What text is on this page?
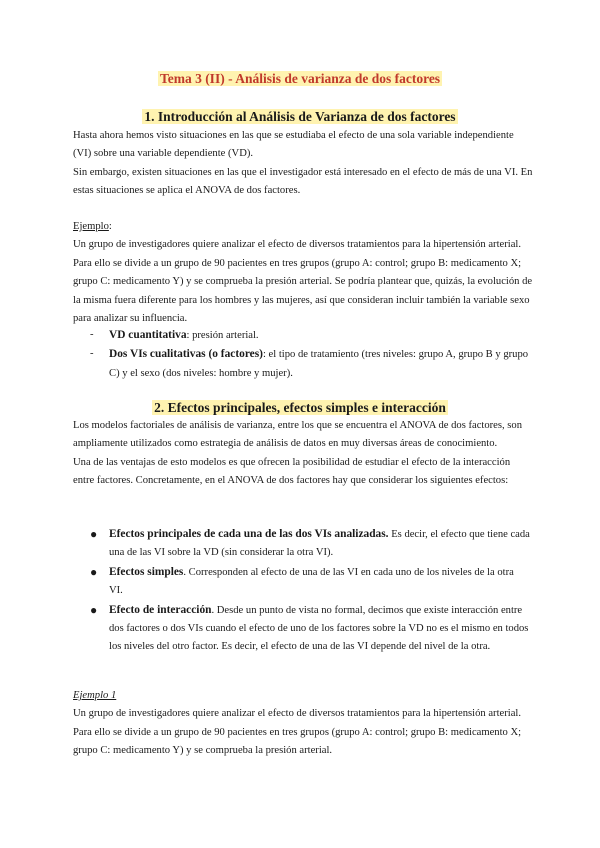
Tema 3 (II) - Análisis de varianza de dos factores
1. Introducción al Análisis de Varianza de dos factores

Hasta ahora hemos visto situaciones en las que se estudiaba el efecto de una sola variable independiente (VI) sobre una variable dependiente (VD).

Sin embargo, existen situaciones en las que el investigador está interesado en el efecto de más de una VI. En estas situaciones se aplica el ANOVA de dos factores.

Ejemplo:

Un grupo de investigadores quiere analizar el efecto de diversos tratamientos para la hipertensión arterial. Para ello se divide a un grupo de 90 pacientes en tres grupos (grupo A: control; grupo B: medicamento X; grupo C: medicamento Y) y se comprueba la presión arterial. Se podría plantear que, quizás, la evolución de la misma fuera diferente para los hombres y las mujeres, así que consideran incluir también la variable sexo para analizar su influencia.

- VD cuantitativa: presión arterial.
- Dos VIs cualitativas (o factores): el tipo de tratamiento (tres niveles: grupo A, grupo B y grupo C) y el sexo (dos niveles: hombre y mujer).
2. Efectos principales, efectos simples e interacción

Los modelos factoriales de análisis de varianza, entre los que se encuentra el ANOVA de dos factores, son ampliamente utilizados como estrategia de análisis de datos en muy diversas áreas de conocimiento.

Una de las ventajas de esto modelos es que ofrecen la posibilidad de estudiar el efecto de la interacción entre factores. Concretamente, en el ANOVA de dos factores hay que considerar los siguientes efectos:

● Efectos principales de cada una de las dos VIs analizadas. Es decir, el efecto que tiene cada una de las VI sobre la VD (sin considerar la otra VI).
● Efectos simples. Corresponden al efecto de una de las VI en cada uno de los niveles de la otra VI.
● Efecto de interacción. Desde un punto de vista no formal, decimos que existe interacción entre dos factores o dos VIs cuando el efecto de uno de los factores sobre la VD no es el mismo en todos los niveles del otro factor. Es decir, el efecto de una de las VI depende del nivel de la otra.

Ejemplo 1

Un grupo de investigadores quiere analizar el efecto de diversos tratamientos para la hipertensión arterial. Para ello se divide a un grupo de 90 pacientes en tres grupos (grupo A: control; grupo B: medicamento X; grupo C: medicamento Y) y se comprueba la presión arterial.
